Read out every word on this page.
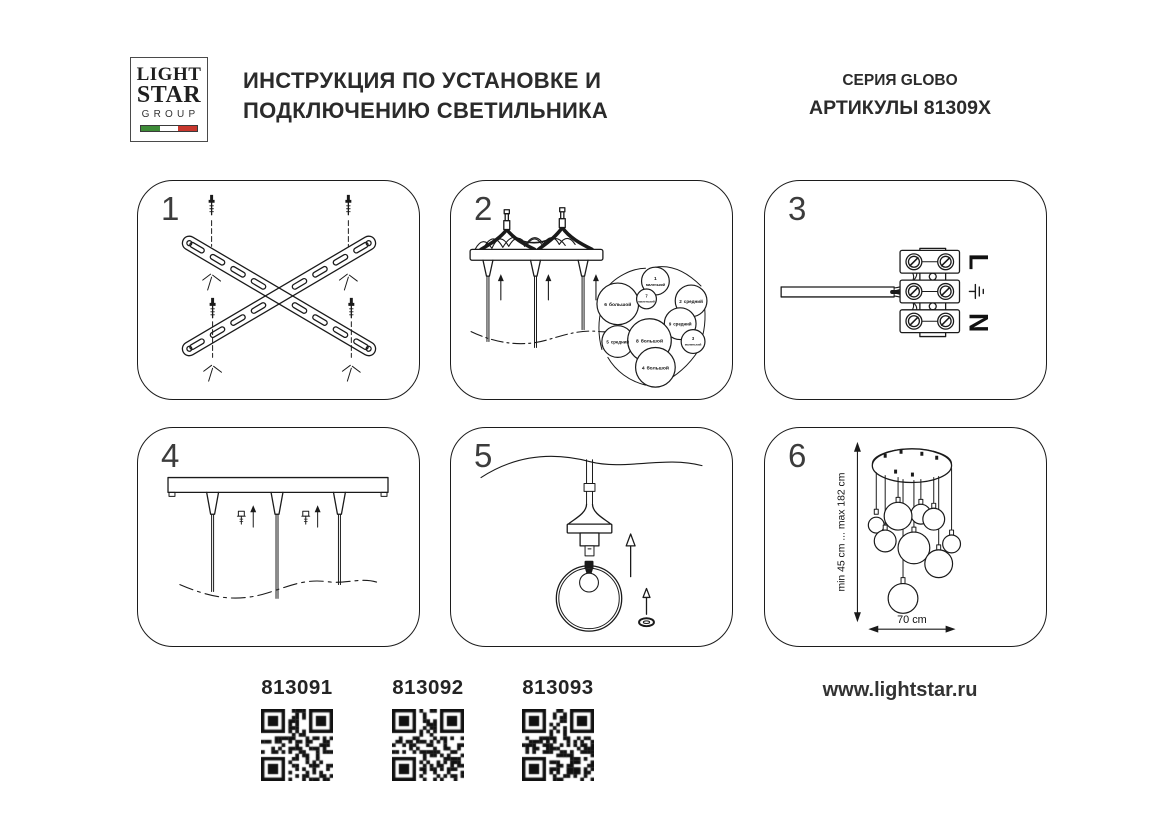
LIGHT
STAR
GROUP
ИНСТРУКЦИЯ ПО УСТАНОВКЕ И
ПОДКЛЮЧЕНИЮ СВЕТИЛЬНИКА
СЕРИЯ GLOBO
АРТИКУЛЫ 81309X
1	2
1
маленький
2 средний
6 большой
7
маленький
9 средний
3
маленький
5 средний 8 большой
4 большой
3
L
N
4	5	6
min 45 cm ... max 182 cm
70 cm
813091	813092	813093	www.lightstar.ru
